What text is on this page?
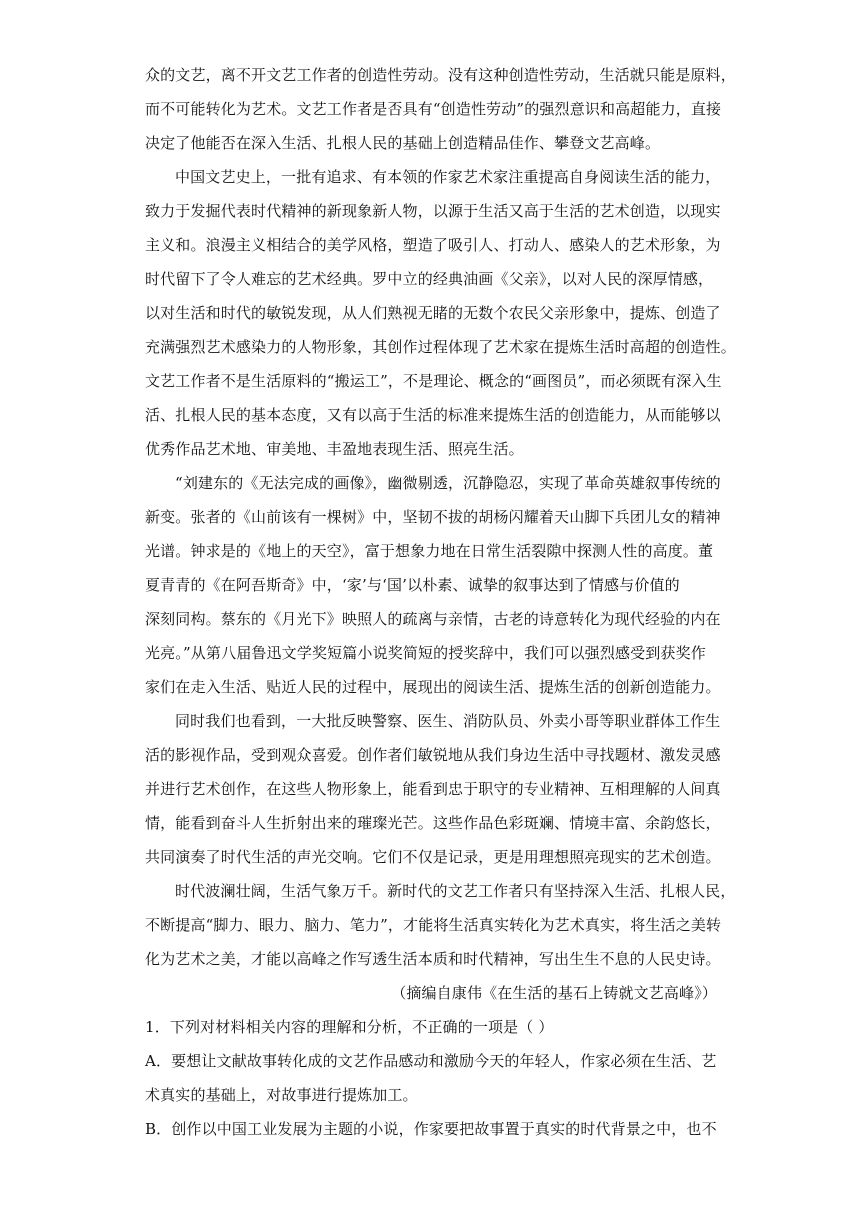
众的文艺，离不开文艺工作者的创造性劳动。没有这种创造性劳动，生活就只能是原料，
而不可能转化为艺术。文艺工作者是否具有“创造性劳动”的强烈意识和高超能力，直接
决定了他能否在深入生活、扎根人民的基础上创造精品佳作、攀登文艺高峰。
中国文艺史上，一批有追求、有本领的作家艺术家注重提高自身阅读生活的能力，
致力于发掘代表时代精神的新现象新人物，以源于生活又高于生活的艺术创造，以现实
主义和。浪漫主义相结合的美学风格，塑造了吸引人、打动人、感染人的艺术形象，为
时代留下了令人难忘的艺术经典。罗中立的经典油画《父亲》，以对人民的深厚情感，
以对生活和时代的敏锐发现，从人们熟视无睹的无数个农民父亲形象中，提炼、创造了
充满强烈艺术感染力的人物形象，其创作过程体现了艺术家在提炼生活时高超的创造性。
文艺工作者不是生活原料的“搬运工”，不是理论、概念的“画图员”，而必须既有深入生
活、扎根人民的基本态度，又有以高于生活的标准来提炼生活的创造能力，从而能够以
优秀作品艺术地、审美地、丰盈地表现生活、照亮生活。
“刘建东的《无法完成的画像》，幽微剔透，沉静隐忍，实现了革命英雄叙事传统的
新变。张者的《山前该有一棵树》中，坚韧不拔的胡杨闪耀着天山脚下兵团儿女的精神
光谱。钟求是的《地上的天空》，富于想象力地在日常生活裂隙中探测人性的高度。董
夏青青的《在阿吾斯奇》中，‘家’与‘国’以朴素、诚挚的叙事达到了情感与价值的
深刻同构。蔡东的《月光下》映照人的疏离与亲情，古老的诗意转化为现代经验的内在
光亮。”从第八届鲁迅文学奖短篇小说奖简短的授奖辞中，我们可以强烈感受到获奖作
家们在走入生活、贴近人民的过程中，展现出的阅读生活、提炼生活的创新创造能力。
同时我们也看到，一大批反映警察、医生、消防队员、外卖小哥等职业群体工作生
活的影视作品，受到观众喜爱。创作者们敏锐地从我们身边生活中寻找题材、激发灵感
并进行艺术创作，在这些人物形象上，能看到忠于职守的专业精神、互相理解的人间真
情，能看到奋斗人生折射出来的璀璨光芒。这些作品色彩斑斓、情境丰富、余韵悠长，
共同演奏了时代生活的声光交响。它们不仅是记录，更是用理想照亮现实的艺术创造。
时代波澜壮阔，生活气象万千。新时代的文艺工作者只有坚持深入生活、扎根人民，
不断提高“脚力、眼力、脑力、笔力”，才能将生活真实转化为艺术真实，将生活之美转
化为艺术之美，才能以高峰之作写透生活本质和时代精神，写出生生不息的人民史诗。
（摘编自康伟《在生活的基石上铸就文艺高峰》）
1．下列对材料相关内容的理解和分析，不正确的一项是（ ）
A．要想让文献故事转化成的文艺作品感动和激励今天的年轻人，作家必须在生活、艺
术真实的基础上，对故事进行提炼加工。
B．创作以中国工业发展为主题的小说，作家要把故事置于真实的时代背景之中，也不
